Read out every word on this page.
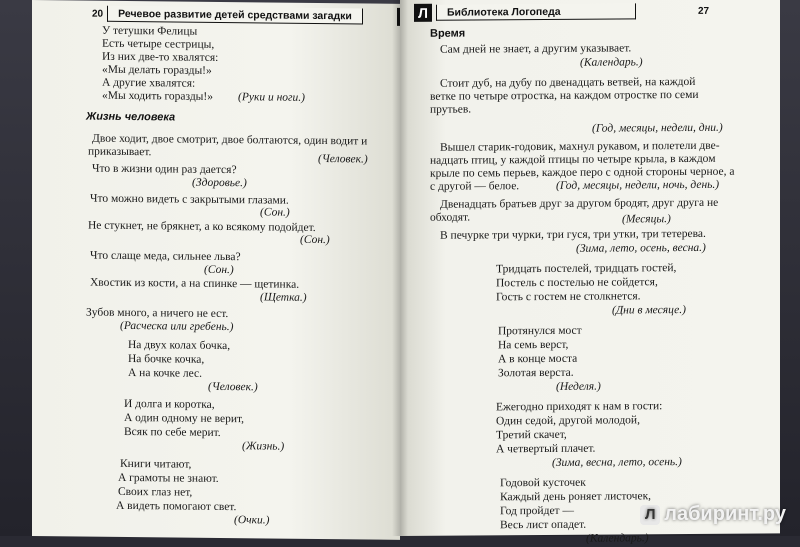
20	Речевое развитие детей средствами загадки
Жизнь человека
У тетушки Фелицы
Есть четыре сестрицы,
Из них две-то хвалятся:
«Мы делать горазды!»
А другие хвалятся:
«Мы ходить горазды!» (Руки и ноги.)
Двое ходит, двое смотрит, двое болтаются, один водит и
приказывает.
(Человек.)
Что в жизни один раз дается?
(Здоровье.)
Что можно видеть с закрытыми глазами.
(Сон.)
Не стукнет, не брякнет, а ко всякому подойдет.
(Сон.)
Что слаще меда, сильнее льва?
(Сон.)
Хвостик из кости, а на спинке — щетинка.
(Щетка.)
Зубов много, а ничего не ест.
(Расческа или гребень.)
На двух колах бочка,
На бочке кочка,
А на кочке лес.
(Человек.)
И долга и коротка,
А один одному не верит,
Всяк по себе мерит.
(Жизнь.)
Книги читают,
А грамоты не знают.
Своих глаз нет,
А видеть помогают свет.
(Очки.)
Л	Библиотека Логопеда	27
Время
Сам дней не знает, а другим указывает.
(Календарь.)
Стоит дуб, на дубу по двенадцать ветвей, на каждой
ветке по четыре отростка, на каждом отростке по семи
прутьев.
(Год, месяцы, недели, дни.)
Вышел старик-годовик, махнул рукавом, и полетели две-
надцать птиц, у каждой птицы по четыре крыла, в каждом
крыле по семь перьев, каждое перо с одной стороны черное, а
с другой — белое.	(Год, месяцы, недели, ночь, день.)
Двенадцать братьев друг за другом бродят, друг друга не
обходят.	(Месяцы.)
В печурке три чурки, три гуся, три утки, три тетерева.
(Зима, лето, осень, весна.)
Тридцать постелей, тридцать гостей,
Постель с постелью не сойдется,
Гость с гостем не столкнется.
(Дни в месяце.)
Протянулся мост
На семь верст,
А в конце моста
Золотая верста.
(Неделя.)
Ежегодно приходят к нам в гости:
Один седой, другой молодой,
Третий скачет,
А четвертый плачет.
(Зима, весна, лето, осень.)
Годовой кусточек
Каждый день роняет листочек,
Год пройдет —
Весь лист опадет.
(Календарь.)
Л лабиринт.ру
